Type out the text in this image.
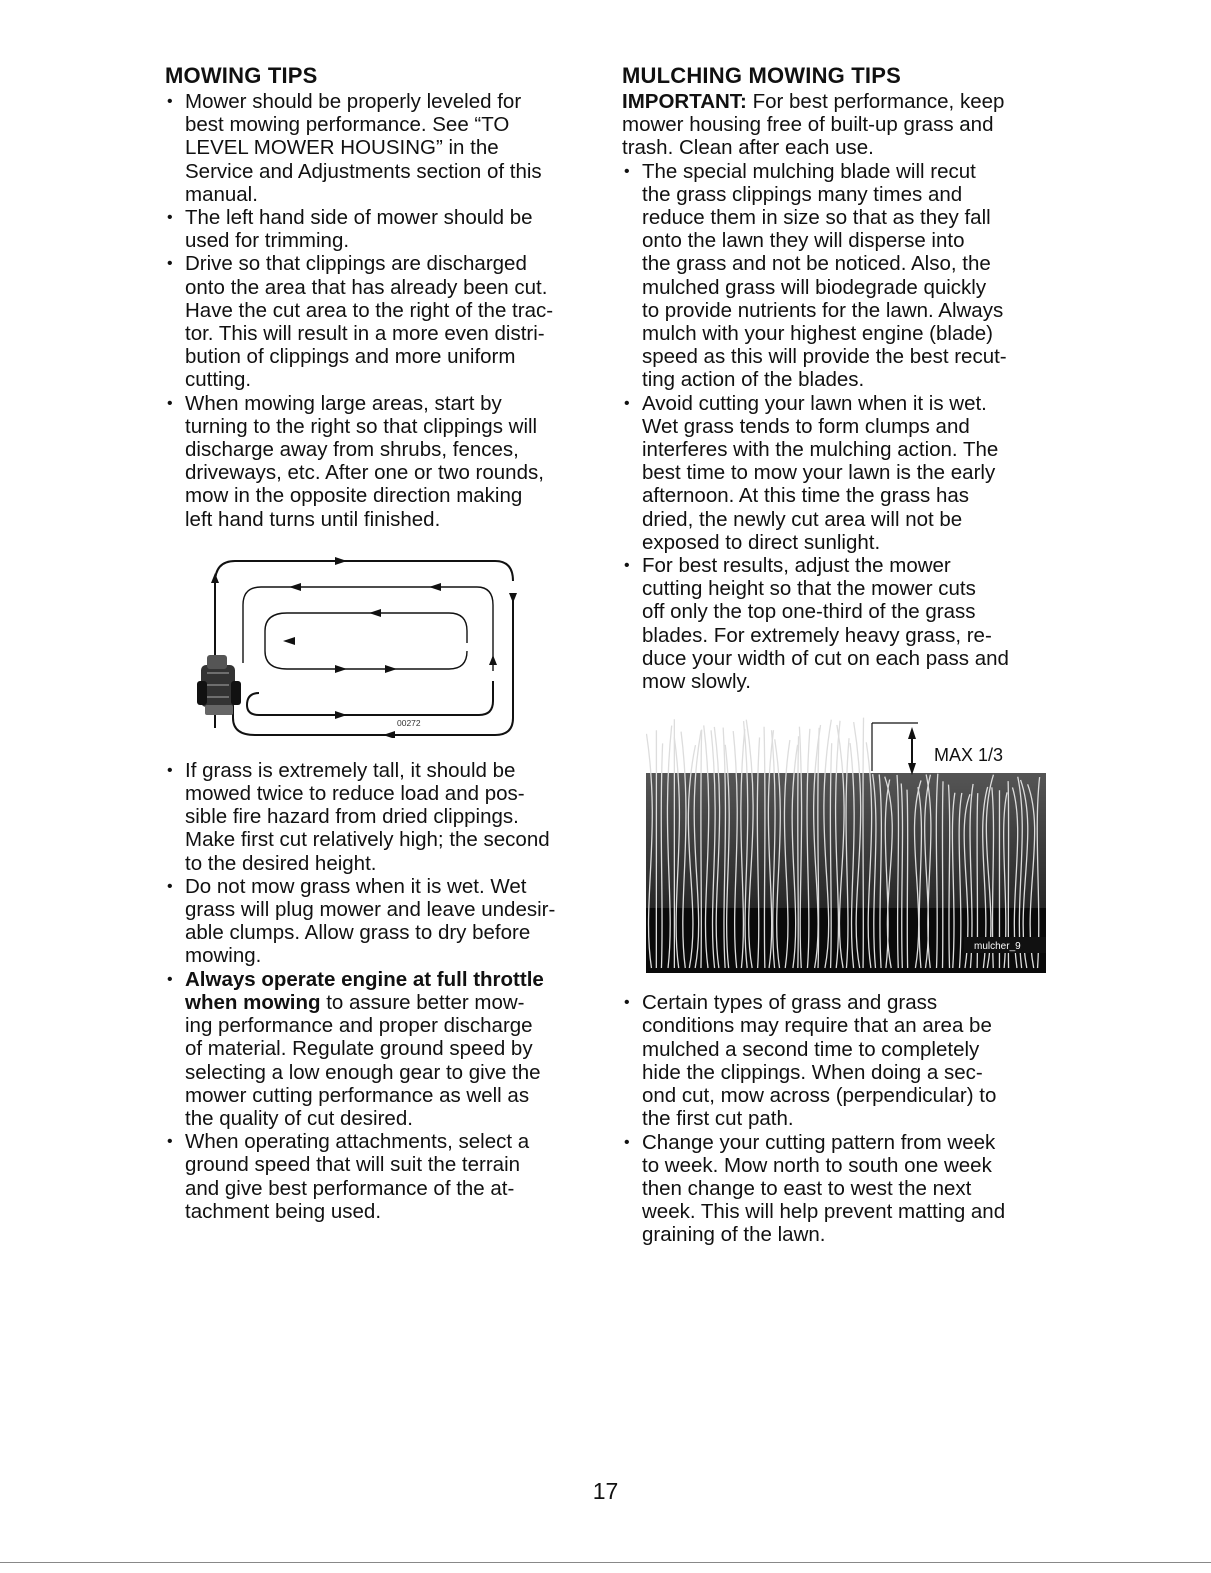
MOWING TIPS
• Mower should be properly leveled for
best mowing performance. See “TO
LEVEL MOWER HOUSING” in the
Service and Adjustments section of this
manual.
• The left hand side of mower should be
used for trimming.
• Drive so that clippings are discharged
onto the area that has already been cut.
Have the cut area to the right of the trac-
tor. This will result in a more even distri-
bution of clippings and more uniform
cutting.
• When mowing large areas, start by
turning to the right so that clippings will
discharge away from shrubs, fences,
driveways, etc. After one or two rounds,
mow in the opposite direction making
left hand turns until finished.
00272
• If grass is extremely tall, it should be
mowed twice to reduce load and pos-
sible fire hazard from dried clippings.
Make first cut relatively high; the second
to the desired height.
• Do not mow grass when it is wet. Wet
grass will plug mower and leave undesir-
able clumps. Allow grass to dry before
mowing.
• Always operate engine at full throttle
when mowing to assure better mow-
ing performance and proper discharge
of material. Regulate ground speed by
selecting a low enough gear to give the
mower cutting performance as well as
the quality of cut desired.
• When operating attachments, select a
ground speed that will suit the terrain
and give best performance of the at-
tachment being used.
MULCHING MOWING TIPS

IMPORTANT: For best performance, keep
mower housing free of built-up grass and
trash. Clean after each use.

• The special mulching blade will recut
the grass clippings many times and
reduce them in size so that as they fall
onto the lawn they will disperse into
the grass and not be noticed. Also, the
mulched grass will biodegrade quickly
to provide nutrients for the lawn. Always
mulch with your highest engine (blade)
speed as this will provide the best recut-
ting action of the blades.
• Avoid cutting your lawn when it is wet.
Wet grass tends to form clumps and
interferes with the mulching action. The
best time to mow your lawn is the early
afternoon. At this time the grass has
dried, the newly cut area will not be
exposed to direct sunlight.
• For best results, adjust the mower
cutting height so that the mower cuts
off only the top one-third of the grass
blades. For extremely heavy grass, re-
duce your width of cut on each pass and
mow slowly.
MAX 1/3
mulcher_9
• Certain types of grass and grass
conditions may require that an area be
mulched a second time to completely
hide the clippings. When doing a sec-
ond cut, mow across (perpendicular) to
the first cut path.
• Change your cutting pattern from week
to week. Mow north to south one week
then change to east to west the next
week. This will help prevent matting and
graining of the lawn.
17
